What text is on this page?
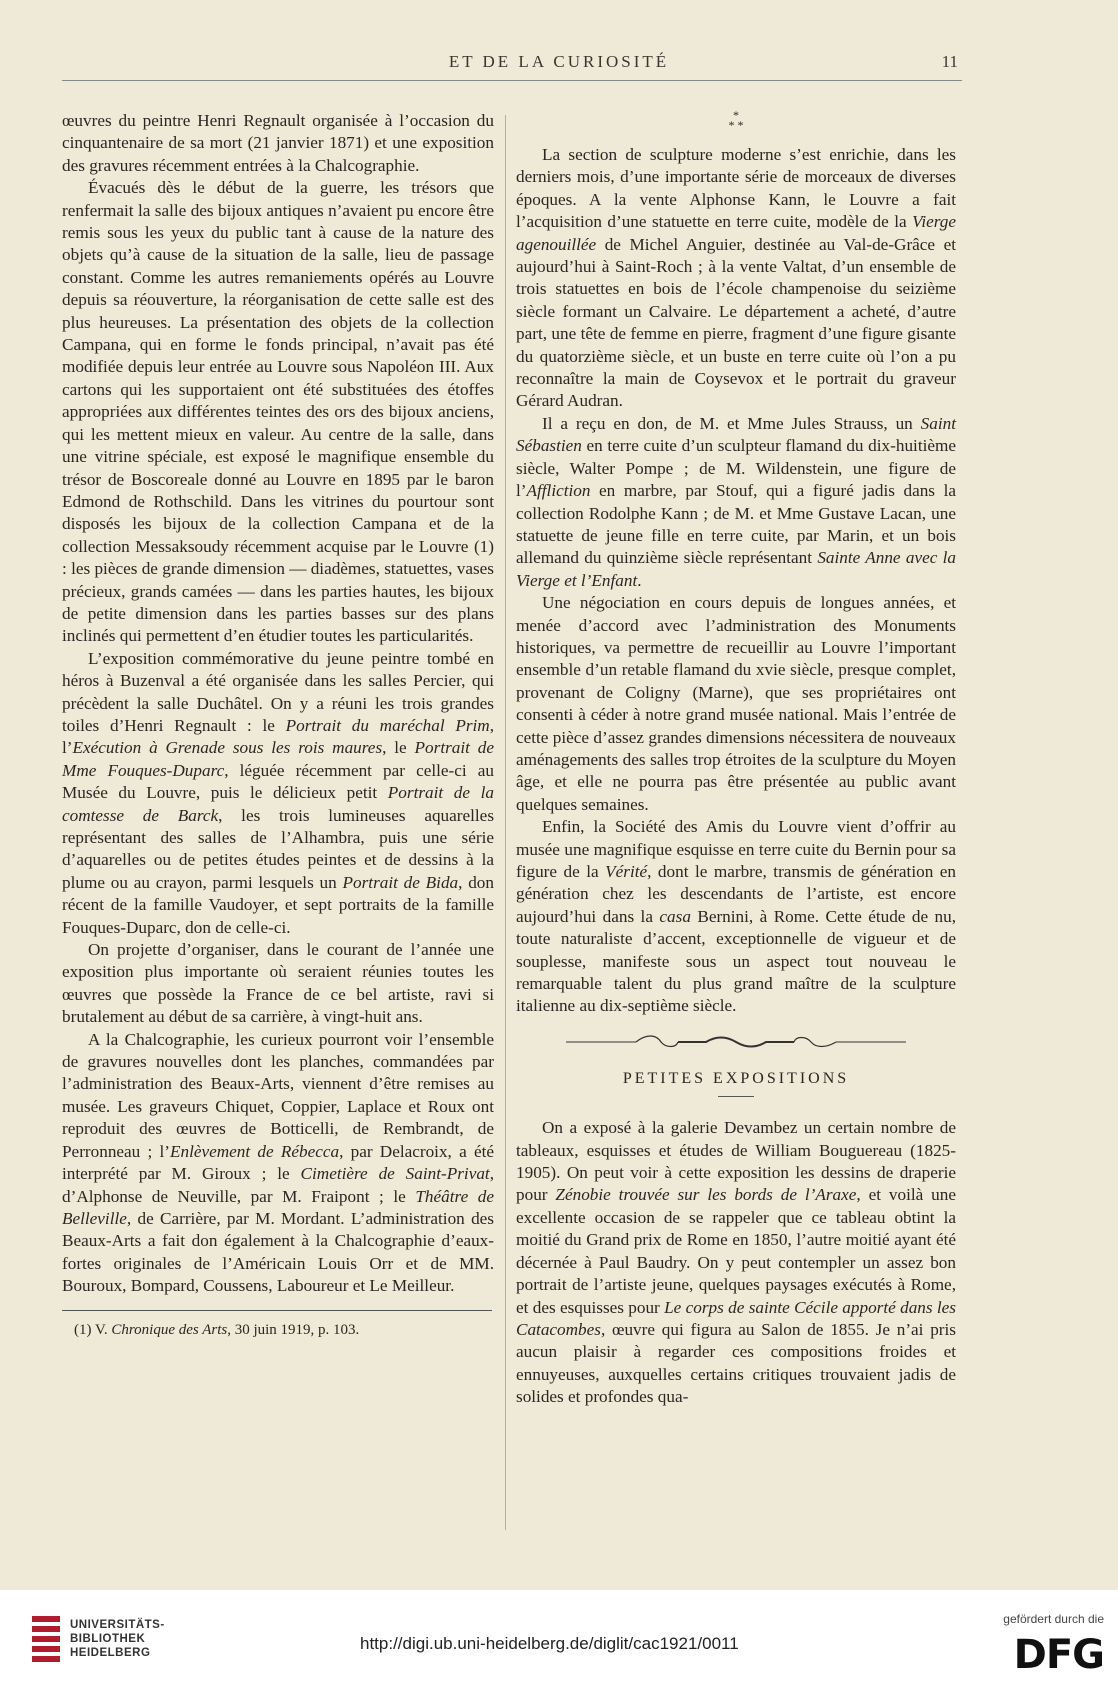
ET DE LA CURIOSITÉ	11

œuvres du peintre Henri Regnault organisée à l’occasion du cinquantenaire de sa mort (21 janvier 1871) et une exposition des gravures récemment entrées à la Chalcographie.

Évacués dès le début de la guerre, les trésors que renfermait la salle des bijoux antiques n’avaient pu encore être remis sous les yeux du public tant à cause de la nature des objets qu’à cause de la situation de la salle, lieu de passage constant. Comme les autres remaniements opérés au Louvre depuis sa réouverture, la réorganisation de cette salle est des plus heureuses. La présentation des objets de la collection Campana, qui en forme le fonds principal, n’avait pas été modifiée depuis leur entrée au Louvre sous Napoléon III. Aux cartons qui les supportaient ont été substituées des étoffes appropriées aux différentes teintes des ors des bijoux anciens, qui les mettent mieux en valeur. Au centre de la salle, dans une vitrine spéciale, est exposé le magnifique ensemble du trésor de Boscoreale donné au Louvre en 1895 par le baron Edmond de Rothschild. Dans les vitrines du pourtour sont disposés les bijoux de la collection Campana et de la collection Messaksoudy récemment acquise par le Louvre (1) : les pièces de grande dimension — diadèmes, statuettes, vases précieux, grands camées — dans les parties hautes, les bijoux de petite dimension dans les parties basses sur des plans inclinés qui permettent d’en étudier toutes les particularités.

L’exposition commémorative du jeune peintre tombé en héros à Buzenval a été organisée dans les salles Percier, qui précèdent la salle Duchâtel. On y a réuni les trois grandes toiles d’Henri Regnault : le Portrait du maréchal Prim, l’Exécution à Grenade sous les rois maures, le Portrait de Mme Fouques-Duparc, léguée récemment par celle-ci au Musée du Louvre, puis le délicieux petit Portrait de la comtesse de Barck, les trois lumineuses aquarelles représentant des salles de l’Alhambra, puis une série d’aquarelles ou de petites études peintes et de dessins à la plume ou au crayon, parmi lesquels un Portrait de Bida, don récent de la famille Vaudoyer, et sept portraits de la famille Fouques-Duparc, don de celle-ci.

On projette d’organiser, dans le courant de l’année une exposition plus importante où seraient réunies toutes les œuvres que possède la France de ce bel artiste, ravi si brutalement au début de sa carrière, à vingt-huit ans.

A la Chalcographie, les curieux pourront voir l’ensemble de gravures nouvelles dont les planches, commandées par l’administration des Beaux-Arts, viennent d’être remises au musée. Les graveurs Chiquet, Coppier, Laplace et Roux ont reproduit des œuvres de Botticelli, de Rembrandt, de Perronneau ; l’Enlèvement de Rébecca, par Delacroix, a été interprété par M. Giroux ; le Cimetière de Saint-Privat, d’Alphonse de Neuville, par M. Fraipont ; le Théâtre de Belleville, de Carrière, par M. Mordant. L’administration des Beaux-Arts a fait don également à la Chalcographie d’eaux-fortes originales de l’Américain Louis Orr et de MM. Bouroux, Bompard, Coussens, Laboureur et Le Meilleur.

(1) V. Chronique des Arts, 30 juin 1919, p. 103.

*
* *

La section de sculpture moderne s’est enrichie, dans les derniers mois, d’une importante série de morceaux de diverses époques. A la vente Alphonse Kann, le Louvre a fait l’acquisition d’une statuette en terre cuite, modèle de la Vierge agenouillée de Michel Anguier, destinée au Val-de-Grâce et aujourd’hui à Saint-Roch ; à la vente Valtat, d’un ensemble de trois statuettes en bois de l’école champenoise du seizième siècle formant un Calvaire. Le département a acheté, d’autre part, une tête de femme en pierre, fragment d’une figure gisante du quatorzième siècle, et un buste en terre cuite où l’on a pu reconnaître la main de Coysevox et le portrait du graveur Gérard Audran.

Il a reçu en don, de M. et Mme Jules Strauss, un Saint Sébastien en terre cuite d’un sculpteur flamand du dix-huitième siècle, Walter Pompe ; de M. Wildenstein, une figure de l’Affliction en marbre, par Stouf, qui a figuré jadis dans la collection Rodolphe Kann ; de M. et Mme Gustave Lacan, une statuette de jeune fille en terre cuite, par Marin, et un bois allemand du quinzième siècle représentant Sainte Anne avec la Vierge et l’Enfant.

Une négociation en cours depuis de longues années, et menée d’accord avec l’administration des Monuments historiques, va permettre de recueillir au Louvre l’important ensemble d’un retable flamand du xvie siècle, presque complet, provenant de Coligny (Marne), que ses propriétaires ont consenti à céder à notre grand musée national. Mais l’entrée de cette pièce d’assez grandes dimensions nécessitera de nouveaux aménagements des salles trop étroites de la sculpture du Moyen âge, et elle ne pourra pas être présentée au public avant quelques semaines.

Enfin, la Société des Amis du Louvre vient d’offrir au musée une magnifique esquisse en terre cuite du Bernin pour sa figure de la Vérité, dont le marbre, transmis de génération en génération chez les descendants de l’artiste, est encore aujourd’hui dans la casa Bernini, à Rome. Cette étude de nu, toute naturaliste d’accent, exceptionnelle de vigueur et de souplesse, manifeste sous un aspect tout nouveau le remarquable talent du plus grand maître de la sculpture italienne au dix-septième siècle.

PETITES EXPOSITIONS

On a exposé à la galerie Devambez un certain nombre de tableaux, esquisses et études de William Bouguereau (1825-1905). On peut voir à cette exposition les dessins de draperie pour Zénobie trouvée sur les bords de l’Araxe, et voilà une excellente occasion de se rappeler que ce tableau obtint la moitié du Grand prix de Rome en 1850, l’autre moitié ayant été décernée à Paul Baudry. On y peut contempler un assez bon portrait de l’artiste jeune, quelques paysages exécutés à Rome, et des esquisses pour Le corps de sainte Cécile apporté dans les Catacombes, œuvre qui figura au Salon de 1855. Je n’ai pris aucun plaisir à regarder ces compositions froides et ennuyeuses, auxquelles certains critiques trouvaient jadis de solides et profondes qua-

UNIVERSITÄTS-
BIBLIOTHEK
HEIDELBERG	http://digi.ub.uni-heidelberg.de/diglit/cac1921/0011
gefördert durch die
DFG
